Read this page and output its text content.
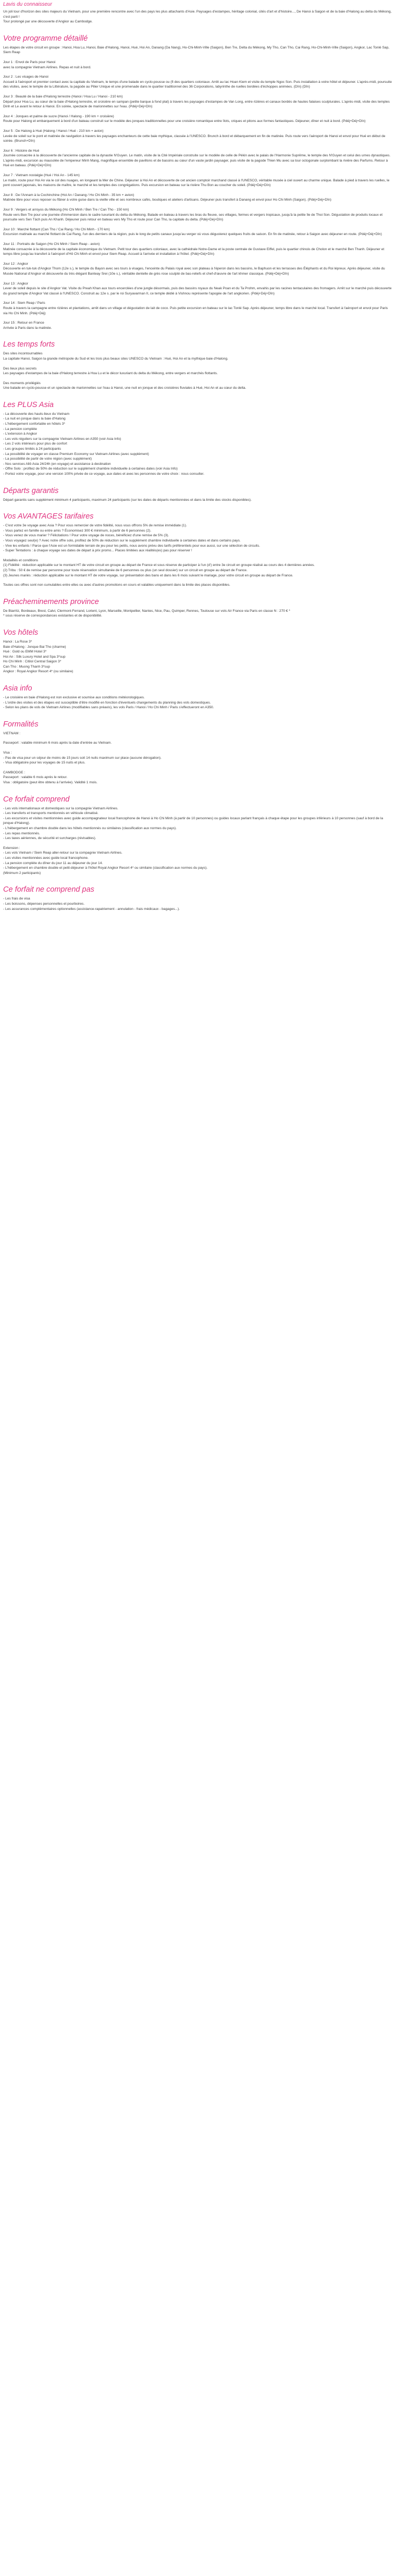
Lavis du connaisseur
Un joli tour d'horizon des sites majeurs du Vietnam, pour une première rencontre avec l'un des pays les plus attachants d'Asie. Paysages d'estampes, héritage colonial, cités d'art et d'histoire..., De Hanoi à Saigon et de la baie d'Halong au delta du Mékong, c'est parti !
Tour prolongé par une découverte d'Angkor au Cambodge.
Votre programme détaillé
Les étapes de votre circuit en groupe : Hanoi, Hoa Lu, Hanoi, Baie d'Halong, Hanoi, Hué, Hoi An, Danang (Da Nang), Ho-Chi-Minh-Ville (Saigon), Ben Tre, Delta du Mékong, My Tho, Can Tho, Cai Rang, Ho-Chi-Minh-Ville (Saigon), Angkor, Lac Tonlé Sap, Siem Reap
Jour 1 : Envol de Paris pour Hanoi
avec la compagnie Vietnam Airlines. Repas et nuit à bord.
Jour 2 : Les visages de Hanoi
Accueil à l'aéroport et premier contact avec la capitale du Vietnam, le temps d'une balade en cyclo-pousse ou (fi des quartiers coloniaux. Arrêt au lac Hoan Kiem et visite du temple Ngoc Son. Puis installation à votre hôtel et déjeuner. L'après-midi, poursuite des visites, avec le temple de la Littérature, la pagode au Pilier Unique et une promenade dans le quartier traditionnel des 36 Corporations, labyrinthe de ruelles bordées d'échoppes animées. (Dîn) (Dîn)
Jour 3 : Beauté de la baie d'Halong terrestre (Hanoi / Hoa Lu / Hanoi - 210 km)
Départ pour Hoa Lu, au cœur de la baie d'Halong terrestre, et croisière en sampan (petite barque à fond plat) à travers les paysages d'estampes de Van Long, entre rizières et canaux bordés de hautes falaises sculpturales. L'après-midi, visite des temples Dinh et Le avant le retour à Hanoi. En soirée, spectacle de marionnettes sur l'eau. (Pdéj+Déj+Dîn)
Jour 4 : Jonques et palme de sucre (Hanoi / Halong - 190 km + croisière)
Route pour Halong et embarquement à bord d'un bateau construit sur le modèle des jonques traditionnelles pour une croisière romantique entre îlots, criques et pitons aux formes fantastiques. Déjeuner, dîner et nuit à bord. (Pdéj+Déj+Dîn)
Jour 5 : De Halong à Hué (Halong / Hanoi / Hué - 210 km + avion)
Levée de soleil sur le pont et matinée de navigation à travers les paysages enchanteurs de cette baie mythique, classée à l'UNESCO. Brunch à bord et débarquement en fin de matinée. Puis route vers l'aéroport de Hanoi et envol pour Hué en début de soirée. (Brunch+Dîn)
Jour 6 : Histoire de Hué
Journée consacrée à la découverte de l'ancienne capitale de la dynastie N'Guyen. Le matin, visite de la Cité Impériale construite sur le modèle de celle de Pékin avec le palais de l'Harmonie Suprême, le temple des N'Guyen et celui des urnes dynastiques. L'après-midi, excursion au mausolée de l'empereur Minh Mang, magnifique ensemble de pavillons et de bassins au cœur d'un vaste jardin paysager, puis visite de la pagode Thien Mu avec sa tour octogonale surplombant la rivière des Parfums. Retour à Hué en bateau. (Pdéj+Déj+Dîn)
Jour 7 : Vietnam nostalgie (Hué / Hoi An - 145 km)
Le matin, route pour Hoi An via le col des nuages, en longeant la Mer de Chine. Déjeuner à Hoi An et découverte de cet ancien comptoir marchand classé à l'UNESCO, véritable musée à ciel ouvert au charme unique. Balade à pied à travers les ruelles, le pont couvert japonais, les maisons de maître, le marché et les temples des congrégations. Puis excursion en bateau sur la rivière Thu Bon au coucher du soleil. (Pdéj+Déj+Dîn)
Jour 8 : De l'Annam à la Cochinchine (Hoi An / Danang / Ho Chi Minh - 35 km + avion)
Matinée libre pour vous reposer ou flâner à votre guise dans la vieille ville et ses nombreux cafés, boutiques et ateliers d'artisans. Déjeuner puis transfert à Danang et envol pour Ho Chi Minh (Saigon). (Pdéj+Déj+Dîn)
Jour 9 : Vergers et arroyos du Mékong (Ho Chi Minh / Ben Tre / Can Tho - 150 km)
Route vers Ben Tre pour une journée d'immersion dans le cadre luxuriant du delta du Mékong. Balade en bateau à travers les bras du fleuve, ses villages, fermes et vergers tropicaux, jusqu'à la petite île de Thoi Son. Dégustation de produits locaux et poursuite vers Sen Tách puis An Khanh. Déjeuner puis retour en bateau vers My Tho et route pour Can Tho, la capitale du delta. (Pdéj+Déj+Dîn)
Jour 10 : Marché flottant (Can Tho / Cai Rang / Ho Chi Minh - 170 km)
Excursion matinale au marché flottant de Cai Rang, l'un des derniers de la région, puis le long de petits canaux jusqu'au verger où vous dégusterez quelques fruits de saison. En fin de matinée, retour à Saigon avec déjeuner en route. (Pdéj+Déj+Dîn)
Jour 11 : Portraits de Saigon (Ho Chi Minh / Siem Reap - avion)
Matinée consacrée à la découverte de la capitale économique du Vietnam. Petit tour des quartiers coloniaux, avec la cathédrale Notre-Dame et la poste centrale de Gustave Eiffel, puis le quartier chinois de Cholon et le marché Ben Thanh. Déjeuner et temps libre jusqu'au transfert à l'aéroport d'Hô Chi Minh et envol pour Siem Reap. Accueil à l'arrivée et installation à l'hôtel. (Pdéj+Déj+Dîn)
Jour 12 : Angkor
Découverte en tuk-tuk d'Angkor Thom (12e s.), le temple du Bayon avec ses tours à visages, l'enceinte du Palais royal avec son plateau à l'éperon dans les bassins, le Baphuon et les terrasses des Éléphants et du Roi lépreux. Après déjeuner, visite du Musée National d'Angkor et découverte du très élégant Banteay Srei (10e s.), véritable dentelle de grès rose sculpté de bas-reliefs et chef-d'œuvre de l'art khmer classique. (Pdéj+Déj+Dîn)
Jour 13 : Angkor
Lever de soleil depuis le site d'Angkor Vat. Visite du Preah Khan aux tours encerclées d'une jungle désormais, puis des bassins royaux du Neak Poan et du Ta Prohm, envahis par les racines tentaculaires des fromagers. Arrêt sur le marché puis découverte du grand temple d'Angkor Vat classé à l'UNESCO. Construit au 12e s. par le roi Suryavarman II, ce temple dédié à Vishnou représente l'apogée de l'art angkorien. (Pdéj+Déj+Dîn)
Jour 14 : Siem Reap / Paris
Route à travers la campagne entre rizières et plantations, arrêt dans un village et dégustation de lait de coco. Puis petite excursion en bateau sur le lac Tonlé Sap. Après déjeuner, temps libre dans le marché local. Transfert à l'aéroport et envol pour Paris via Ho Chi Minh. (Pdéj+Déj)
Jour 15 : Retour en France
Arrivée à Paris dans la matinée.
Les temps forts
Des sites incontournables
La capitale Hanoi, Saigon la grande métropole du Sud et les trois plus beaux sites UNESCO du Vietnam : Hué, Hoi An et la mythique baie d'Halong.
Des lieux plus secrets
Les paysages d'estampes de la baie d'Halong terrestre à Hoa Lu et le décor luxuriant du delta du Mékong, entre vergers et marchés flottants.
Des moments privilégiés
Une balade en cyclo-pousse et un spectacle de marionnettes sur l'eau à Hanoi, une nuit en jonque et des croisières fluviales à Hué, Hoi An et au cœur du delta.
Les PLUS Asia
- La découverte des hauts-lieux du Vietnam
- La nuit en jonque dans la baie d'Halong
- L'hébergement confortable en hôtels 3*
- La pension complète
- L'extension à Angkor
- Les vols réguliers sur la compagnie Vietnam Airlines en A350 (voir Asia Info)
- Les 2 vols intérieurs pour plus de confort
- Les groupes limités à 24 participants
- La possibilité de voyager en classe Premium Economy sur Vietnam Airlines (avec supplément)
- La possibilité de partir de votre région (avec supplément)
- Nos services Allô Asia 24/24h (en voyage) et assistance à destination
- Offre Solo : profitez de 50% de réduction sur le supplément chambre individuelle à certaines dates (voir Asia Info)
- Portez votre voyage, pour une version 100% privée de ce voyage, aux dates et avec les personnes de votre choix : nous consulter.
Départs garantis
Départ garantis sans supplément minimum 4 participants, maximum 24 participants (sur les dates de départs mentionnées et dans la limite des stocks disponibles).
Vos AVANTAGES tarifaires
- C'est votre 3e voyage avec Asia ? Pour vous remercier de votre fidélité, nous vous offrons 5% de remise immédiate (1).
- Vous partez en famille ou entre amis ? Économisez 300 € minimum, à partir de 6 personnes (2).
- Vous venez de vous marier ? Félicitations ! Pour votre voyage de noces, bénéficiez d'une remise de 5% (3).
- Vous voyagez seul(e) ? Avec notre offre solo, profitez de 50% de réduction sur le supplément chambre individuelle à certaines dates et dans certains pays.
- Vive les enfants ! Parce que l'Asie est un formidable terrain de jeu pour les petits, nous avons prévu des tarifs préférentiels pour eux aussi, sur une sélection de circuits.
- Super Tentations : à chaque voyage ses dates de départ à prix promo... Places limitées aux réalités(es) pas pour réserver !
Modalités et conditions
(1) Fidélité : réduction applicable sur le montant HT de votre circuit en groupe au départ de France et sous réserve de participer à l'un (d') entre 3e circuit en groupe réalisé au cours des 4 dernières années.
(2) Tribu : 50 € de remise par personne pour toute réservation simultanée de 6 personnes ou plus (un seul dossier) sur un circuit en groupe au départ de France.
(3) Jeunes mariés : réduction applicable sur le montant HT de votre voyage, sur présentation des bans et dans les 6 mois suivant le mariage, pour votre circuit en groupe au départ de France.
Toutes ces offres sont non cumulables entre elles ou avec d'autres promotions en cours et valables uniquement dans la limite des places disponibles.
Préacheminements province
De Biarritz, Bordeaux, Brest, Calvi, Clermont-Ferrand, Lorient, Lyon, Marseille, Montpellier, Nantes, Nice, Pau, Quimper, Rennes, Toulouse sur vols Air France via Paris en classe N : 270 € *
* sous réserve de correspondances existantes et de disponibilité.
Vos hôtels
Hanoi : La Rose 3*
Baie d'Halong : Jonque Bai Tho (charme)
Hué : Gold ou EMM Hotel 3*
Hoi An : Silk Luxury Hotel and Spa 3*sup
Ho Chi Minh : Citilol Central Saigon 3*
Can Tho : Muong Thanh 3*sup
Angkor : Royal Angkor Resort 4* (ou similaire)
Asia info
- Le croisière en baie d'Halong est non exclusive et soumise aux conditions météorologiques.
- L'ordre des visites et des étapes est susceptible d'être modifié en fonction d'éventuels changements du planning des vols domestiques.
- Selon les plans de vols de Vietnam Airlines (modifiables sans préavis), les vols Paris / Hanoi / Ho Chi Minh / Paris s'effectueront en A350.
Formalités
VIETNAM :
Passeport : valable minimum 6 mois après la date d'entrée au Vietnam.
Visa :
- Pas de visa pour un séjour de moins de 15 jours soit 14 nuits maximum sur place (aucune dérogation).
- Visa obligatoire pour les voyages de 15 nuits et plus.
CAMBODGE :
Passeport : valable 6 mois après le retour.
Visa : obligatoire (peut être obtenu à l'arrivée). Validité 1 mois.
Ce forfait comprend
- Les vols internationaux et domestiques sur la compagnie Vietnam Airlines.
- Les transferts et transports mentionnés en véhicule climatisé.
- Les excursions et visites mentionnées avec guide accompagnateur local francophone de Hanoi à Ho Chi Minh (à partir de 10 personnes) ou guides locaux parlant français à chaque étape pour les groupes inférieurs à 10 personnes (sauf à bord de la jonque d'Halong).
- L'hébergement en chambre double dans les hôtels mentionnés ou similaires (classification aux normes du pays).
- Les repas mentionnés.
- Les taxes aériennes, de sécurité et surcharges (révisables).
Extension :
- Les vols Vietnam / Siem Reap aller-retour sur la compagnie Vietnam Airlines.
- Les visites mentionnées avec guide local francophone.
- La pension complète du dîner du jour 11 au déjeuner du jour 14.
- L'hébergement en chambre double et petit-déjeuner à l'hôtel Royal Angkor Resort 4* ou similaire (classification aux normes du pays).
(Minimum 2 participants)
Ce forfait ne comprend pas
- Les frais de visa
- Les boissons, dépenses personnelles et pourboires.
- Les assurances complémentaires optionnelles (assistance-rapatriement - annulation - frais médicaux - bagages...).
